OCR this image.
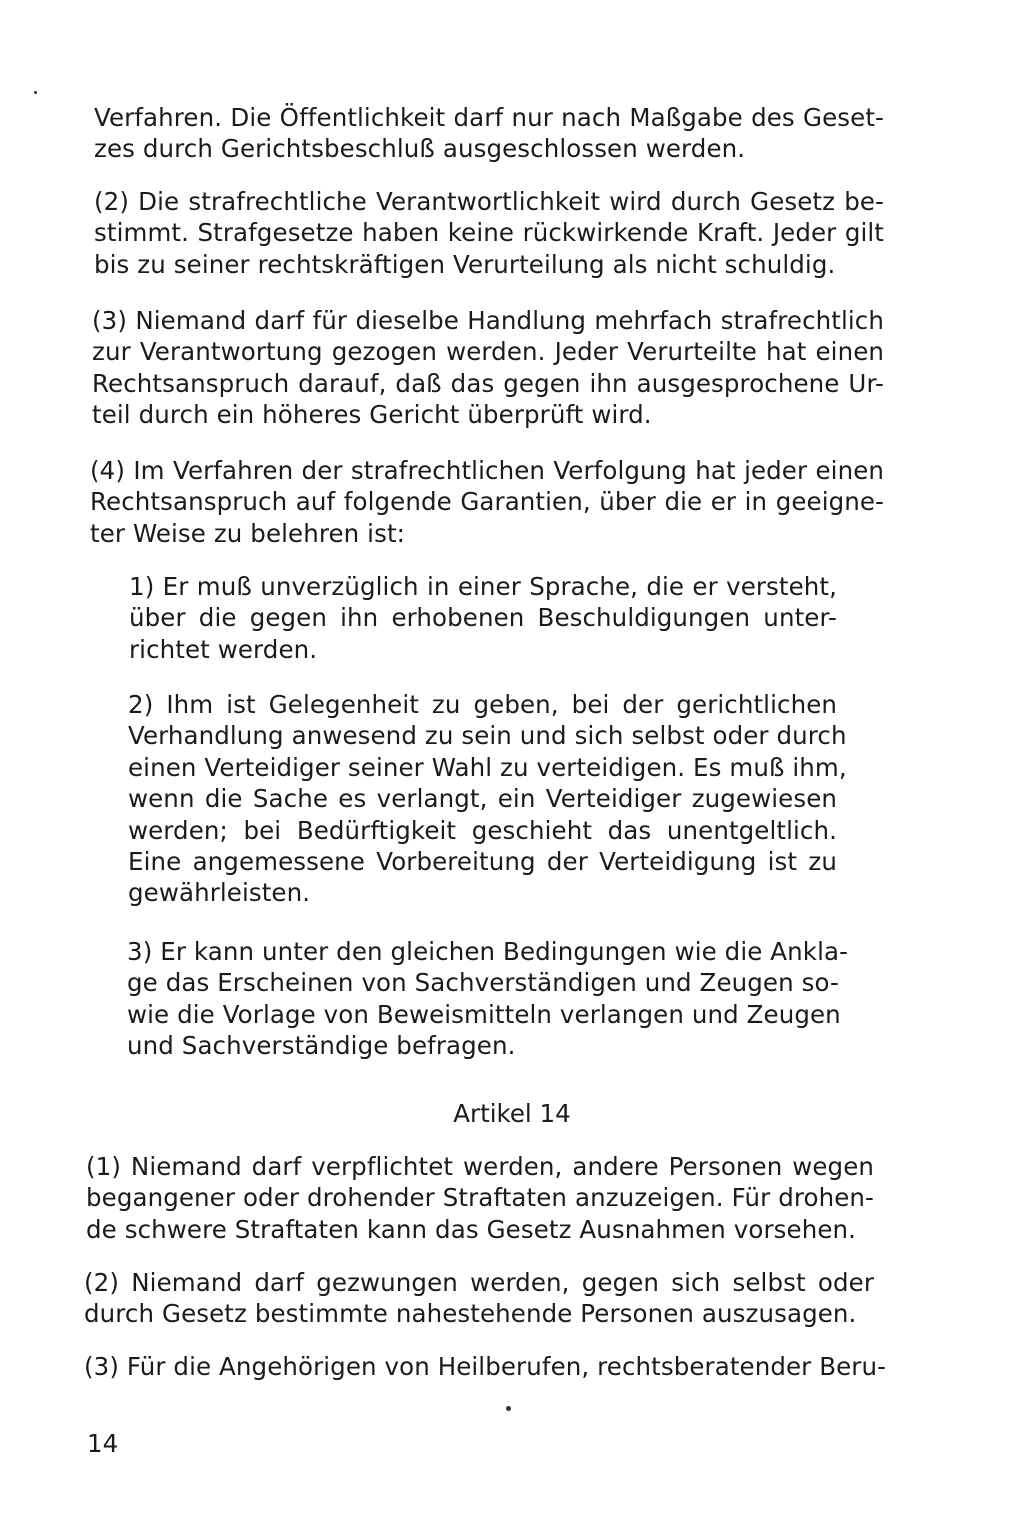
Verfahren. Die Öffentlichkeit darf nur nach Maßgabe des Geset-
zes durch Gerichtsbeschluß ausgeschlossen werden.
(2) Die strafrechtliche Verantwortlichkeit wird durch Gesetz be-
stimmt. Strafgesetze haben keine rückwirkende Kraft. Jeder gilt
bis zu seiner rechtskräftigen Verurteilung als nicht schuldig.
(3) Niemand darf für dieselbe Handlung mehrfach strafrechtlich
zur Verantwortung gezogen werden. Jeder Verurteilte hat einen
Rechtsanspruch darauf, daß das gegen ihn ausgesprochene Ur-
teil durch ein höheres Gericht überprüft wird.
(4) Im Verfahren der strafrechtlichen Verfolgung hat jeder einen
Rechtsanspruch auf folgende Garantien, über die er in geeigne-
ter Weise zu belehren ist:
1) Er muß unverzüglich in einer Sprache, die er versteht,
über die gegen ihn erhobenen Beschuldigungen unter-
richtet werden.
2) Ihm ist Gelegenheit zu geben, bei der gerichtlichen
Verhandlung anwesend zu sein und sich selbst oder durch
einen Verteidiger seiner Wahl zu verteidigen. Es muß ihm,
wenn die Sache es verlangt, ein Verteidiger zugewiesen
werden; bei Bedürftigkeit geschieht das unentgeltlich.
Eine angemessene Vorbereitung der Verteidigung ist zu
gewährleisten.
3) Er kann unter den gleichen Bedingungen wie die Ankla-
ge das Erscheinen von Sachverständigen und Zeugen so-
wie die Vorlage von Beweismitteln verlangen und Zeugen
und Sachverständige befragen.
Artikel 14
(1) Niemand darf verpflichtet werden, andere Personen wegen
begangener oder drohender Straftaten anzuzeigen. Für drohen-
de schwere Straftaten kann das Gesetz Ausnahmen vorsehen.
(2) Niemand darf gezwungen werden, gegen sich selbst oder
durch Gesetz bestimmte nahestehende Personen auszusagen.
(3) Für die Angehörigen von Heilberufen, rechtsberatender Beru-
14
